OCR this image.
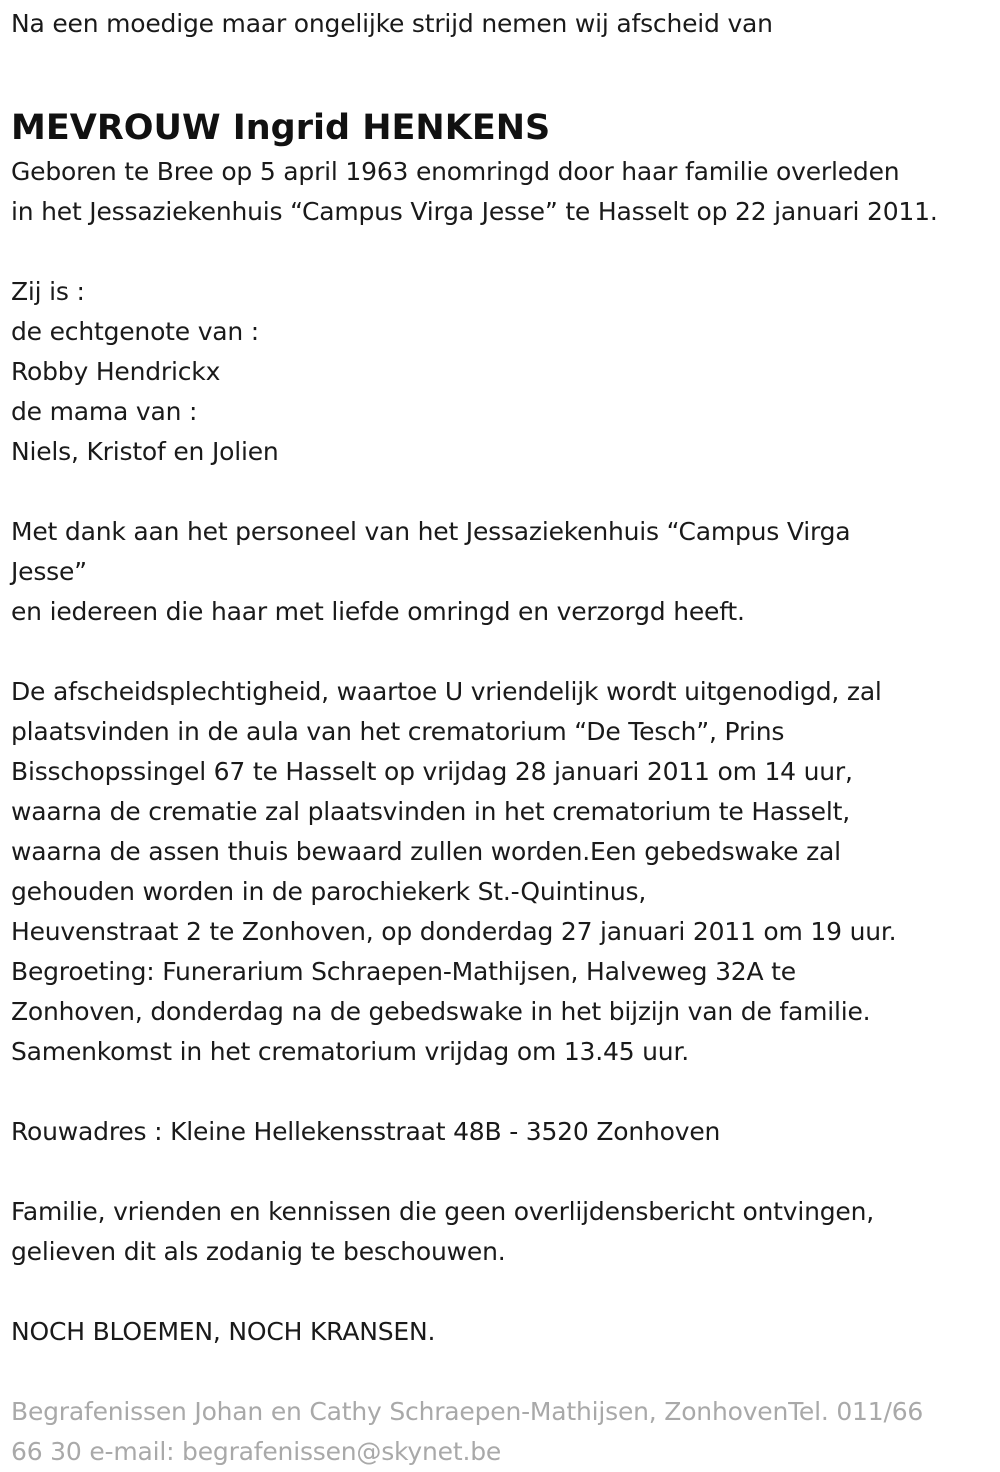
Na een moedige maar ongelijke strijd nemen wij afscheid van
MEVROUW Ingrid HENKENS
Geboren te Bree op 5 april 1963 enomringd door haar familie overleden
in het Jessaziekenhuis “Campus Virga Jesse” te Hasselt op 22 januari 2011.
Zij is :
de echtgenote van :
Robby Hendrickx
de mama van :
Niels, Kristof en Jolien
Met dank aan het personeel van het Jessaziekenhuis “Campus Virga
Jesse”
en iedereen die haar met liefde omringd en verzorgd heeft.
De afscheidsplechtigheid, waartoe U vriendelijk wordt uitgenodigd, zal
plaatsvinden in de aula van het crematorium “De Tesch”, Prins
Bisschopssingel 67 te Hasselt op vrijdag 28 januari 2011 om 14 uur,
waarna de crematie zal plaatsvinden in het crematorium te Hasselt,
waarna de assen thuis bewaard zullen worden.Een gebedswake zal
gehouden worden in de parochiekerk St.-Quintinus,
Heuvenstraat 2 te Zonhoven, op donderdag 27 januari 2011 om 19 uur.
Begroeting: Funerarium Schraepen-Mathijsen, Halveweg 32A te
Zonhoven, donderdag na de gebedswake in het bijzijn van de familie.
Samenkomst in het crematorium vrijdag om 13.45 uur.
Rouwadres : Kleine Hellekensstraat 48B - 3520 Zonhoven
Familie, vrienden en kennissen die geen overlijdensbericht ontvingen,
gelieven dit als zodanig te beschouwen.
NOCH BLOEMEN, NOCH KRANSEN.
Begrafenissen Johan en Cathy Schraepen-Mathijsen, ZonhovenTel. 011/66
66 30 e-mail: begrafenissen@skynet.be
